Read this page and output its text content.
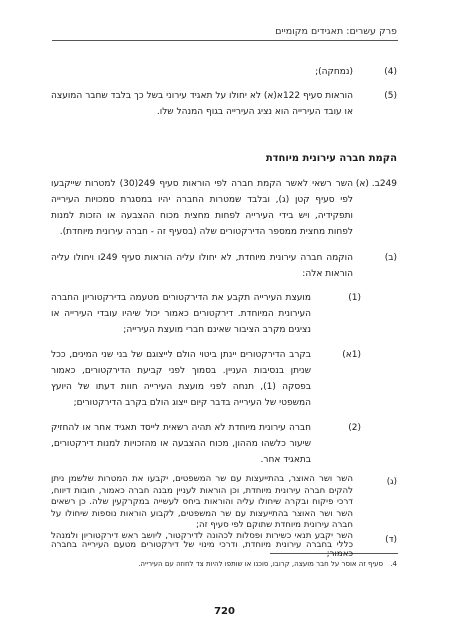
פרק עשרים: תאגידים מקומיים
(4)
(נמחקה);
(5)
הוראות סעיף 122א(א) לא יחולו על תאגיד עירוני בשל כך בלבד שחבר המועצה או עובד העירייה הוא נציג העירייה בגוף המנהל שלו.
הקמת חברה עירונית מיוחדת
249ב. (א)
השר רשאי לאשר הקמת חברה לפי הוראות סעיף 249(30) למטרות שייקבעו לפי סעיף קטן (ג), ובלבד שמטרות החברה יהיו במסגרת סמכויות העירייה ותפקידיה, ויש בידי העירייה לפחות מחצית מכוח ההצבעה או הזכות למנות לפחות מחצית ממספר הדירקטורים שלה (בסעיף זה - חברה עירונית מיוחדת).
(ב)
הוקמה חברה עירונית מיוחדת, לא יחולו עליה הוראות סעיף 249ו ויחולו עליה הוראות אלה:
(1)
מועצת העירייה תקבע את הדירקטורים מטעמה בדירקטוריון החברה העירונית המיוחדת. דירקטורים כאמור יכול שיהיו עובדי העירייה או נציגים מקרב הציבור שאינם חברי מועצת העירייה;
(1א)
בקרב הדירקטורים יינתן ביטוי הולם לייצוגם של בני שני המינים, ככל שניתן בנסיבות העניין. בסמוך לפני קביעת הדירקטורים, כאמור בפסקה (1), תנחה לפני מועצת העירייה חוות דעתו של היועץ המשפטי של העירייה בדבר קיום ייצוג הולם בקרב הדירקטורים;
(2)
חברה עירונית מיוחדת לא תהיה רשאית לייסד תאגיד אחר או להחזיק שיעור כלשהו מההון, מכוח ההצבעה או מהזכויות למנות דירקטורים, בתאגיד אחר.
(ג)
השר ושר האוצר, בהתייעצות עם שר המשפטים, יקבעו את המטרות שלשמן ניתן להקים חברה עירונית מיוחדת, וכן הוראות לעניין מבנה חברה כאמור, חובות דיווח, דרכי פיקוח ובקרה שיחולו עליה והוראות ביחס לעשייה במקרקעין שלה. כן רשאים השר ושר האוצר בהתייעצות עם שר המשפטים, לקבוע הוראות נוספות שיחולו על חברה עירונית מיוחדת שתוקם לפי סעיף זה;
4.
סעיף זה אוסר על חבר מועצה, קרובו, סוכנו או שותפו להיות צד לחוזה עם העירייה.
720
(ד)
השר יקבע תנאי כשירות ופסלות לכהונה לדירקטור, ליושב ראש דירקטוריון ולמנהל כללי בחברה עירונית מיוחדת, ודרכי מינוי של דירקטורים מטעם העירייה בחברה כאמור;
